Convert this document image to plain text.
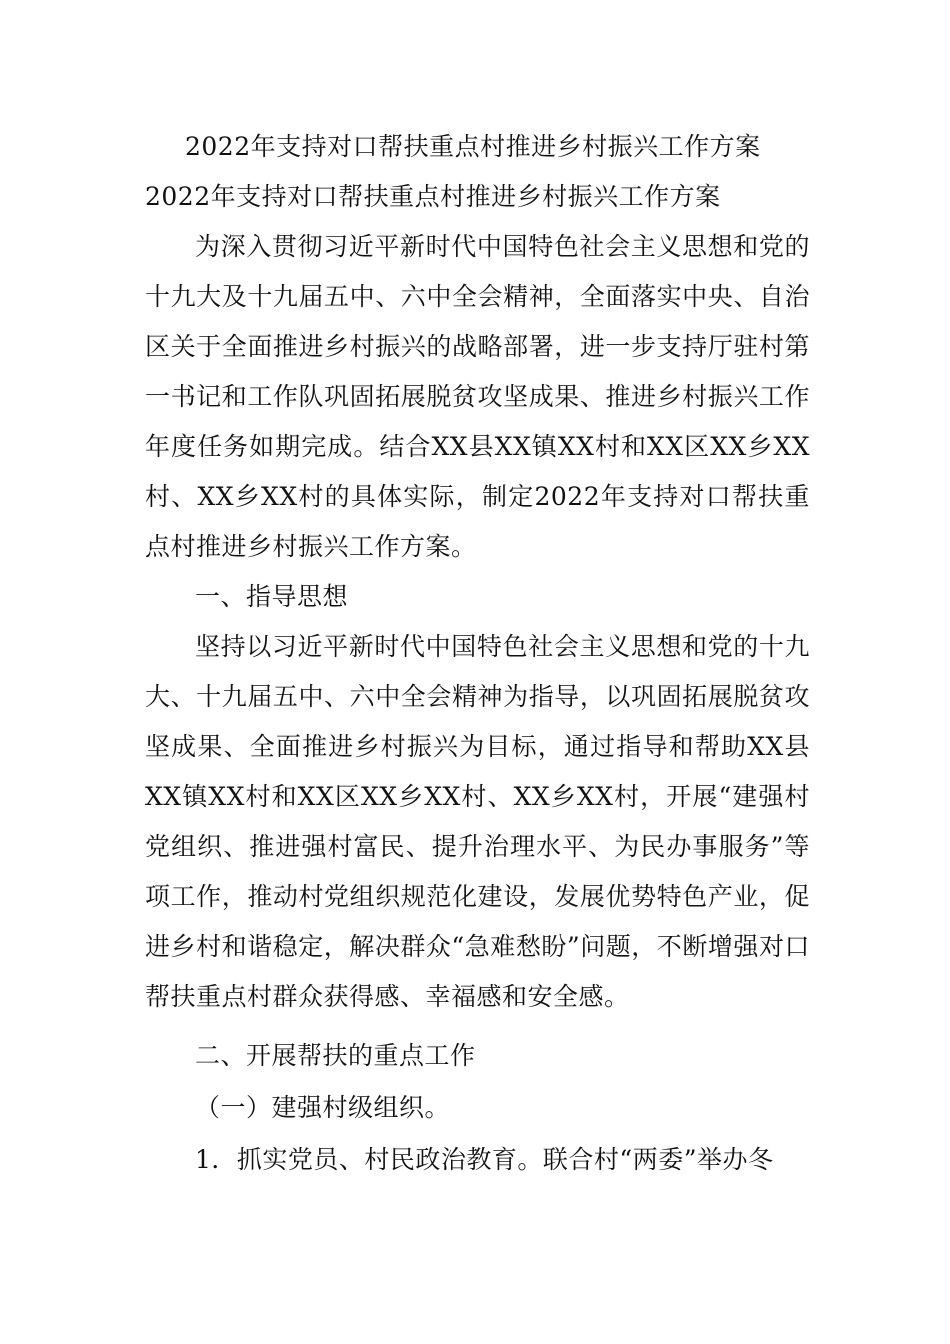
2022年支持对口帮扶重点村推进乡村振兴工作方案

2022年支持对口帮扶重点村推进乡村振兴工作方案

为深入贯彻习近平新时代中国特色社会主义思想和党的十九大及十九届五中、六中全会精神，全面落实中央、自治区关于全面推进乡村振兴的战略部署，进一步支持厅驻村第一书记和工作队巩固拓展脱贫攻坚成果、推进乡村振兴工作年度任务如期完成。结合XX县XX镇XX村和XX区XX乡XX村、XX乡XX村的具体实际，制定2022年支持对口帮扶重点村推进乡村振兴工作方案。

一、指导思想

坚持以习近平新时代中国特色社会主义思想和党的十九大、十九届五中、六中全会精神为指导，以巩固拓展脱贫攻坚成果、全面推进乡村振兴为目标，通过指导和帮助XX县XX镇XX村和XX区XX乡XX村、XX乡XX村，开展“建强村党组织、推进强村富民、提升治理水平、为民办事服务”等项工作，推动村党组织规范化建设，发展优势特色产业，促进乡村和谐稳定，解决群众“急难愁盼”问题，不断增强对口帮扶重点村群众获得感、幸福感和安全感。

二、开展帮扶的重点工作

（一）建强村级组织。

1．抓实党员、村民政治教育。联合村“两委”举办冬
